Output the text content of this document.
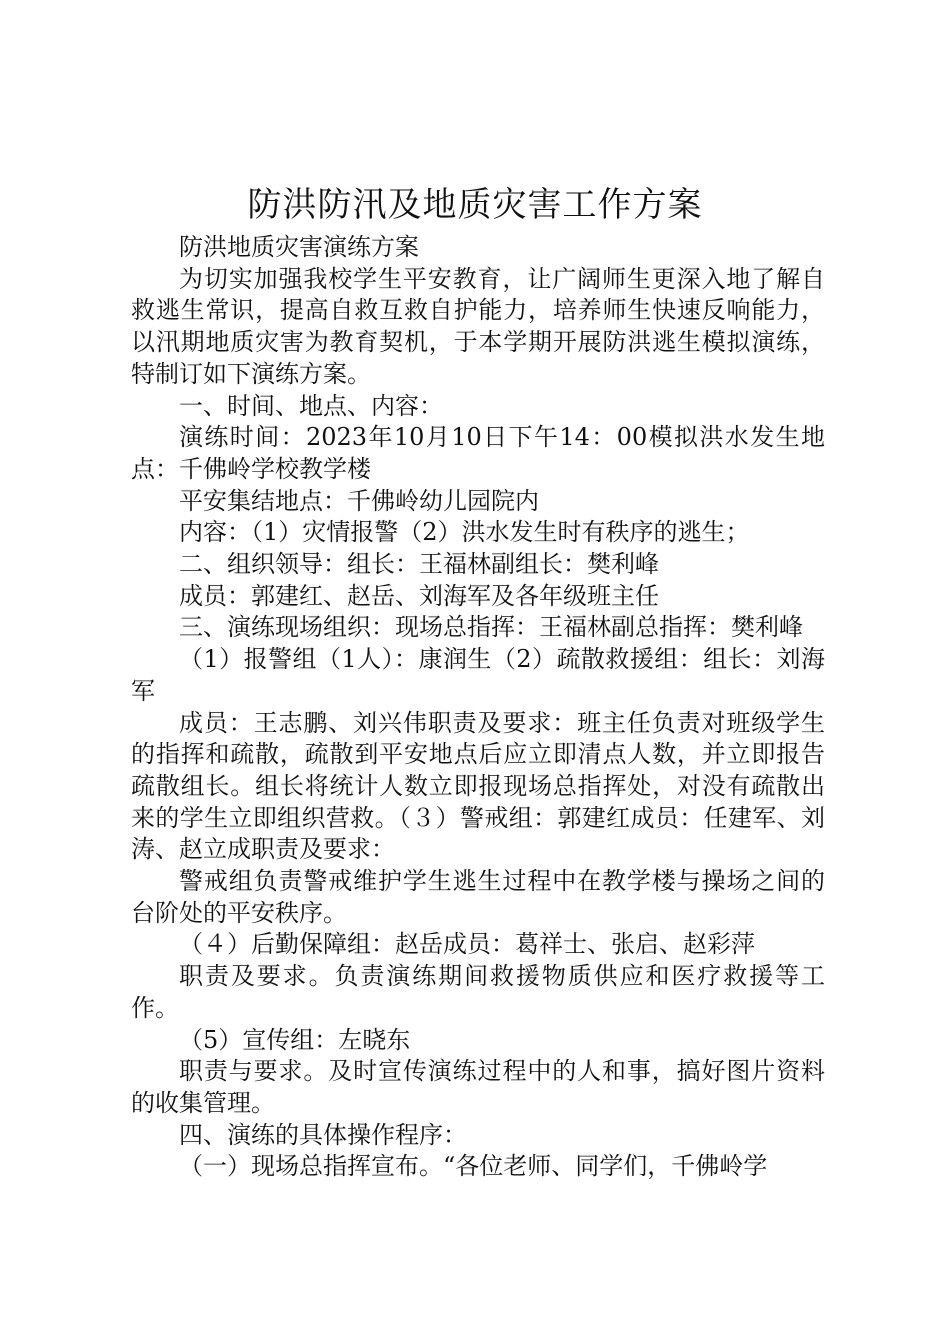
防洪防汛及地质灾害工作方案

防洪地质灾害演练方案

为切实加强我校学生平安教育，让广阔师生更深入地了解自救逃生常识，提高自救互救自护能力，培养师生快速反响能力，以汛期地质灾害为教育契机，于本学期开展防洪逃生模拟演练，特制订如下演练方案。

一、时间、地点、内容：

演练时间：2023年10月10日下午14：00模拟洪水发生地点：千佛岭学校教学楼

平安集结地点：千佛岭幼儿园院内

内容：（1）灾情报警（2）洪水发生时有秩序的逃生；

二、组织领导：组长：王福林副组长：樊利峰

成员：郭建红、赵岳、刘海军及各年级班主任

三、演练现场组织：现场总指挥：王福林副总指挥：樊利峰

（1）报警组（1人）：康润生（2）疏散救援组：组长：刘海军

成员：王志鹏、刘兴伟职责及要求：班主任负责对班级学生的指挥和疏散，疏散到平安地点后应立即清点人数，并立即报告疏散组长。组长将统计人数立即报现场总指挥处，对没有疏散出来的学生立即组织营救。（３）警戒组：郭建红成员：任建军、刘涛、赵立成职责及要求：

警戒组负责警戒维护学生逃生过程中在教学楼与操场之间的台阶处的平安秩序。

（４）后勤保障组：赵岳成员：葛祥士、张启、赵彩萍

职责及要求。负责演练期间救援物质供应和医疗救援等工作。

（5）宣传组：左晓东

职责与要求。及时宣传演练过程中的人和事，搞好图片资料的收集管理。

四、演练的具体操作程序：

（一）现场总指挥宣布。“各位老师、同学们，千佛岭学
